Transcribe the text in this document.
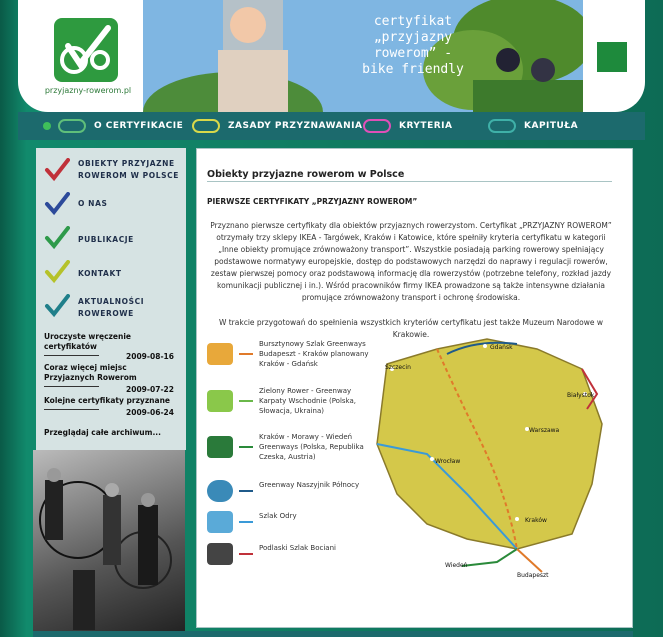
przyjazny-rowerom.pl
certyfikat
„przyjazny
rowerom” -
bike friendly
O CERTYFIKACIE	ZASADY PRZYZNAWANIA	KRYTERIA	KAPITUŁA
OBIEKTY PRZYJAZNE
ROWEROM W POLSCE
O NAS
PUBLIKACJE
KONTAKT
AKTUALNOŚCI
ROWEROWE
Uroczyste wręczenie certyfikatów
2009-08-16
Coraz więcej miejsc Przyjaznych Rowerom
2009-07-22
Kolejne certyfikaty przyznane
2009-06-24
Przeglądaj całe archiwum...
Obiekty przyjazne rowerom w Polsce
PIERWSZE CERTYFIKATY „PRZYJAZNY ROWEROM”
Przyznano pierwsze certyfikaty dla obiektów przyjaznych rowerzystom. Certyfikat „PRZYJAZNY ROWEROM” otrzymały trzy sklepy IKEA - Targówek, Kraków i Katowice, które spełniły kryteria certyfikatu w kategorii „Inne obiekty promujące zrównoważony transport”. Wszystkie posiadają parking rowerowy spełniający podstawowe normatywy europejskie, dostęp do podstawowych narzędzi do naprawy i regulacji rowerów, zestaw pierwszej pomocy oraz podstawową informację dla rowerzystów (potrzebne telefony, rozkład jazdy komunikacji publicznej i in.). Wśród pracowników firmy IKEA prowadzone są także intensywne działania promujące zrównoważony transport i ochronę środowiska.
W trakcie przygotowań do spełnienia wszystkich kryteriów certyfikatu jest także Muzeum Narodowe w Krakowie.
Bursztynowy Szlak Greenways Budapeszt - Kraków planowany Kraków - Gdańsk
Zielony Rower - Greenway Karpaty Wschodnie (Polska, Słowacja, Ukraina)
Kraków - Morawy - Wiedeń Greenways (Polska, Republika Czeska, Austria)
Greenway Naszyjnik Północy
Szlak Odry
Podlaski Szlak Bociani
Gdańsk
Szczecin
Białystok
Warszawa
Wrocław
Kraków
Wiedeń
Budapeszt
